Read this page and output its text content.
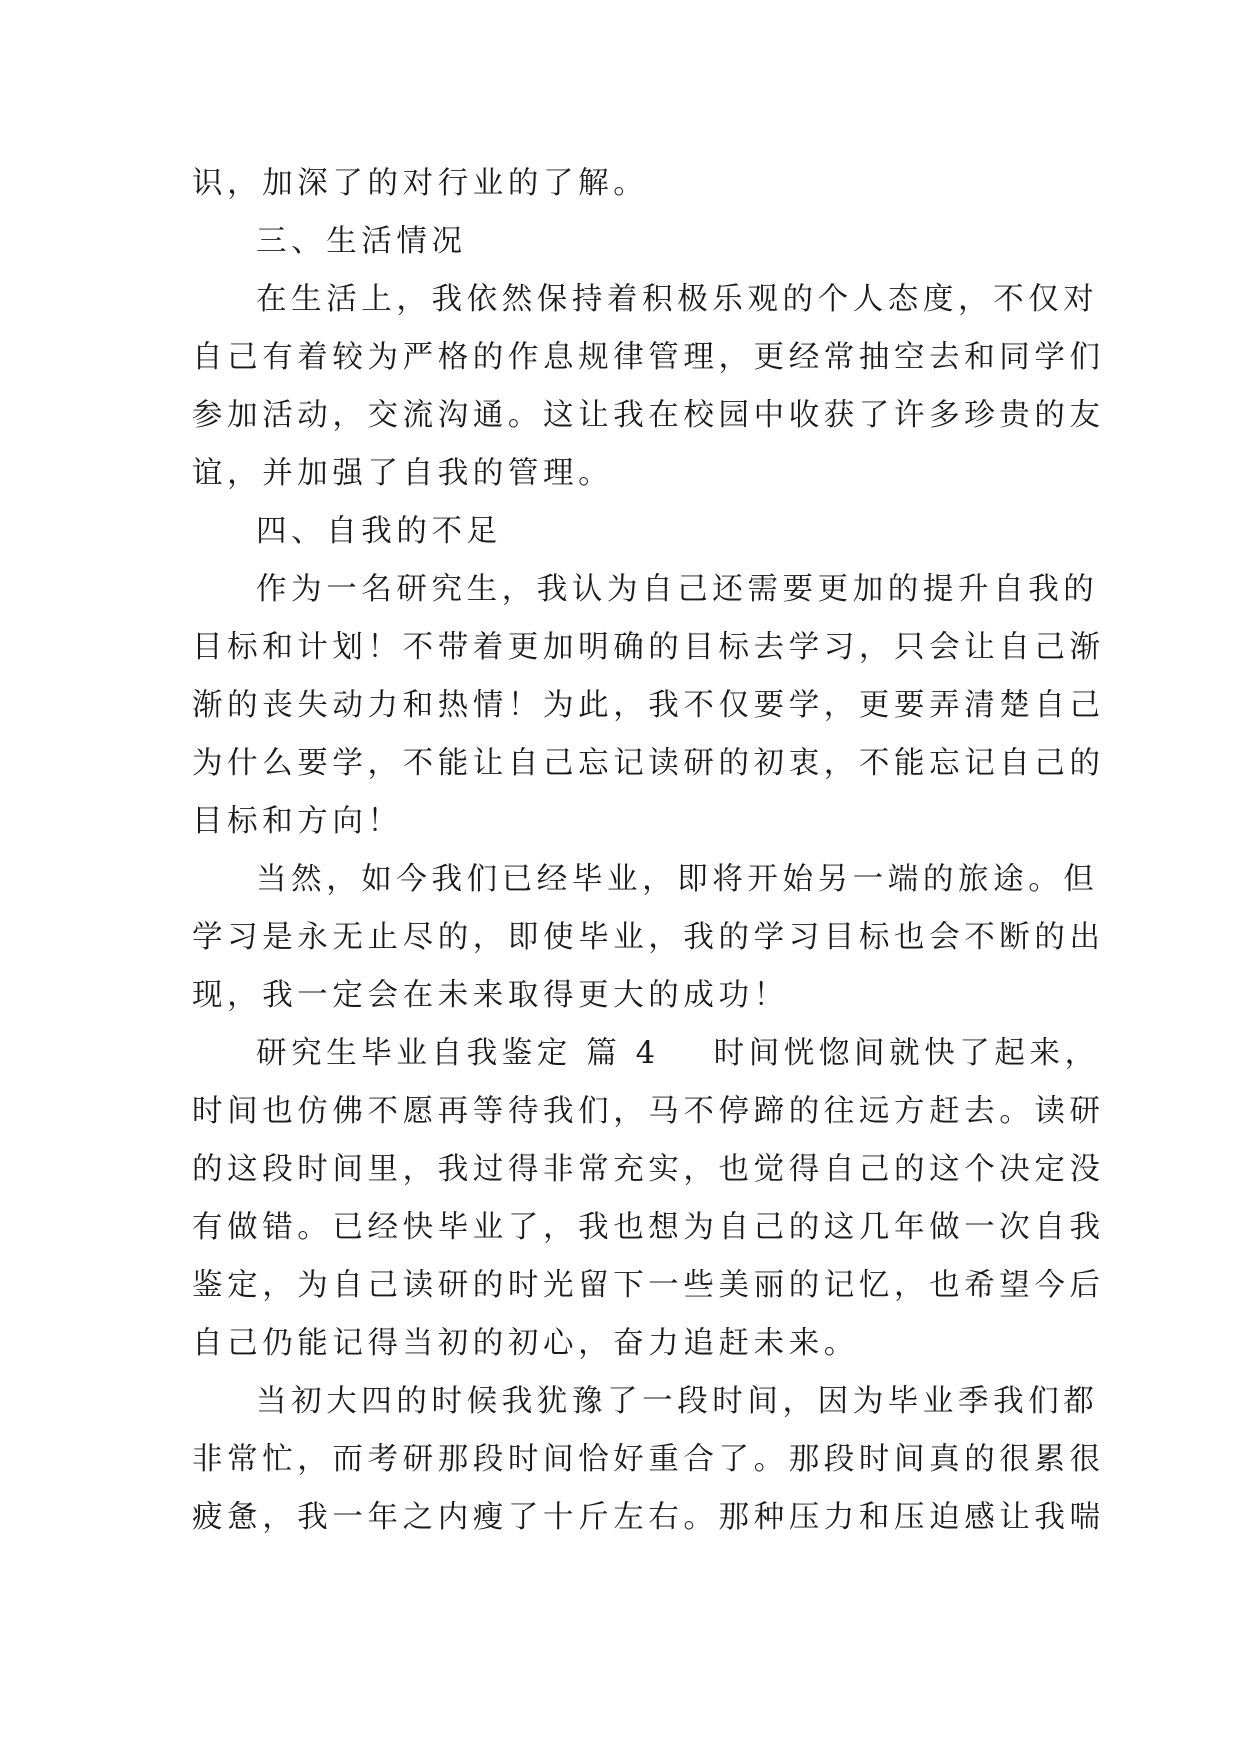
识，加深了的对行业的了解。
三、生活情况
在生活上，我依然保持着积极乐观的个人态度，不仅对
自己有着较为严格的作息规律管理，更经常抽空去和同学们
参加活动，交流沟通。这让我在校园中收获了许多珍贵的友
谊，并加强了自我的管理。
四、自我的不足
作为一名研究生，我认为自己还需要更加的提升自我的
目标和计划！不带着更加明确的目标去学习，只会让自己渐
渐的丧失动力和热情！为此，我不仅要学，更要弄清楚自己
为什么要学，不能让自己忘记读研的初衷，不能忘记自己的
目标和方向！
当然，如今我们已经毕业，即将开始另一端的旅途。但
学习是永无止尽的，即使毕业，我的学习目标也会不断的出
现，我一定会在未来取得更大的成功！
研究生毕业自我鉴定 篇 4 时间恍惚间就快了起来，
时间也仿佛不愿再等待我们，马不停蹄的往远方赶去。读研
的这段时间里，我过得非常充实，也觉得自己的这个决定没
有做错。已经快毕业了，我也想为自己的这几年做一次自我
鉴定，为自己读研的时光留下一些美丽的记忆，也希望今后
自己仍能记得当初的初心，奋力追赶未来。
当初大四的时候我犹豫了一段时间，因为毕业季我们都
非常忙，而考研那段时间恰好重合了。那段时间真的很累很
疲惫，我一年之内瘦了十斤左右。那种压力和压迫感让我喘
